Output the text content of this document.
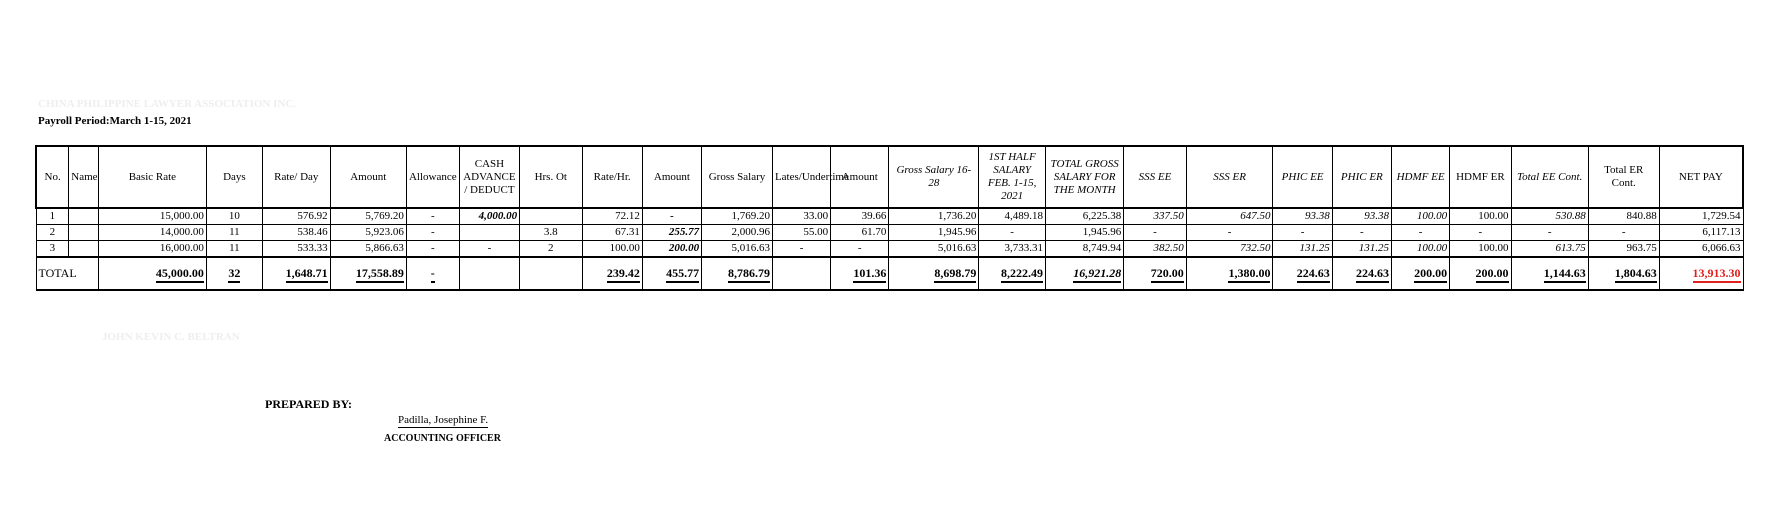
CHINA PHILIPPINE LAWYER ASSOCIATION INC.
Payroll Period:March 1-15, 2021
No.	Name	Basic Rate	Days	Rate/ Day	Amount	Allowance	CASH ADVANCE / DEDUCT	Hrs. Ot	Rate/Hr.	Amount	Gross Salary	Lates/Undertime	Amount	Gross Salary 16-28	1ST HALF SALARY FEB. 1-15, 2021	TOTAL GROSS SALARY FOR THE MONTH	SSS EE	SSS ER	PHIC EE	PHIC ER	HDMF EE	HDMF ER	Total EE Cont.	Total ER Cont.	NET PAY
1		15,000.00	10	576.92	5,769.20	-	4,000.00		72.12	-	1,769.20	33.00	39.66	1,736.20	4,489.18	6,225.38	337.50	647.50	93.38	93.38	100.00	100.00	530.88	840.88	1,729.54
2		14,000.00	11	538.46	5,923.06	-		3.8	67.31	255.77	2,000.96	55.00	61.70	1,945.96	-	1,945.96	-	-	-	-	-	-	-	-	6,117.13
3		16,000.00	11	533.33	5,866.63	-	-	2	100.00	200.00	5,016.63	-	-	5,016.63	3,733.31	8,749.94	382.50	732.50	131.25	131.25	100.00	100.00	613.75	963.75	6,066.63
TOTAL		45,000.00	32	1,648.71	17,558.89	-			239.42	455.77	8,786.79		101.36	8,698.79	8,222.49	16,921.28	720.00	1,380.00	224.63	224.63	200.00	200.00	1,144.63	1,804.63	13,913.30
JOHN KEVIN C. BELTRAN
PREPARED BY:
Padilla, Josephine F.
ACCOUNTING OFFICER
